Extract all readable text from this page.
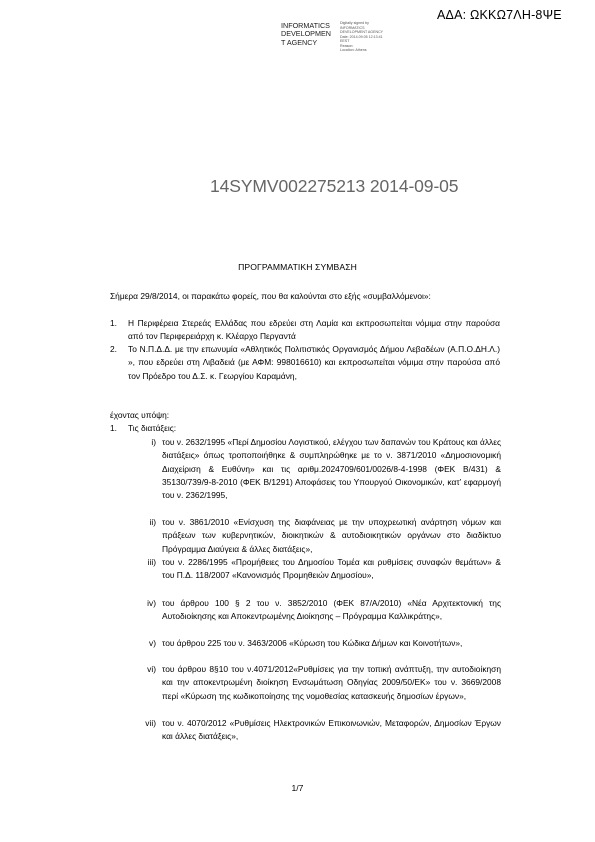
ΑΔΑ: ΩΚΚΩ7ΛΗ-8ΨΕ
INFORMATICS
DEVELOPMEN
T AGENCY
Digitally signed by
INFORMATICS
DEVELOPMENT AGENCY
Date: 2014.09.05 12:13:41
EEST
Reason:
Location: Athens
14SYMV002275213 2014-09-05
ΠΡΟΓΡΑΜΜΑΤΙΚΗ ΣΥΜΒΑΣΗ
Σήμερα 29/8/2014, οι παρακάτω φορείς, που θα καλούνται στο εξής «συμβαλλόμενοι»:
1. Η Περιφέρεια Στερεάς Ελλάδας που εδρεύει στη Λαμία και εκπροσωπείται νόμιμα στην παρούσα από τον Περιφερειάρχη κ. Κλέαρχο Περγαντά
2. Το Ν.Π.Δ.Δ. με την επωνυμία «Αθλητικός Πολιτιστικός Οργανισμός Δήμου Λεβαδέων (Α.Π.Ο.ΔΗ.Λ.) », που εδρεύει στη Λιβαδειά (με ΑΦΜ: 998016610) και εκπροσωπείται νόμιμα στην παρούσα από τον Πρόεδρο του Δ.Σ. κ. Γεωργίου Καραμάνη,
έχοντας υπόψη:
1. Τις διατάξεις:
i) του ν. 2632/1995 «Περί Δημοσίου Λογιστικού, ελέγχου των δαπανών του Κράτους και άλλες διατάξεις» όπως τροποποιήθηκε & συμπληρώθηκε με το ν. 3871/2010 «Δημοσιονομική Διαχείριση & Ευθύνη» και τις αριθμ.2024709/601/0026/8-4-1998 (ΦΕΚ Β/431) & 35130/739/9-8-2010 (ΦΕΚ Β/1291) Αποφάσεις του Υπουργού Οικονομικών, κατ’ εφαρμογή του ν. 2362/1995,
ii) του ν. 3861/2010 «Ενίσχυση της διαφάνειας με την υποχρεωτική ανάρτηση νόμων και πράξεων των κυβερνητικών, διοικητικών & αυτοδιοικητικών οργάνων στο διαδίκτυο Πρόγραμμα Διαύγεια & άλλες διατάξεις»,
iii) του ν. 2286/1995 «Προμήθειες του Δημοσίου Τομέα και ρυθμίσεις συναφών θεμάτων» & του Π.Δ. 118/2007 «Κανονισμός Προμηθειών Δημοσίου»,
iv) του άρθρου 100 § 2 του ν. 3852/2010 (ΦΕΚ 87/Α/2010) «Νέα Αρχιτεκτονική της Αυτοδιοίκησης και Αποκεντρωμένης Διοίκησης – Πρόγραμμα Καλλικράτης»,
v) του άρθρου 225 του ν. 3463/2006 «Κύρωση του Κώδικα Δήμων και Κοινοτήτων»,
vi) του άρθρου 8§10 του ν.4071/2012«Ρυθμίσεις για την τοπική ανάπτυξη, την αυτοδιοίκηση και την αποκεντρωμένη διοίκηση Ενσωμάτωση Οδηγίας 2009/50/ΕΚ» του ν. 3669/2008 περί «Κύρωση της κωδικοποίησης της νομοθεσίας κατασκευής δημοσίων έργων»,
vii) του ν. 4070/2012 «Ρυθμίσεις Ηλεκτρονικών Επικοινωνιών, Μεταφορών, Δημοσίων Έργων και άλλες διατάξεις»,
1/7
